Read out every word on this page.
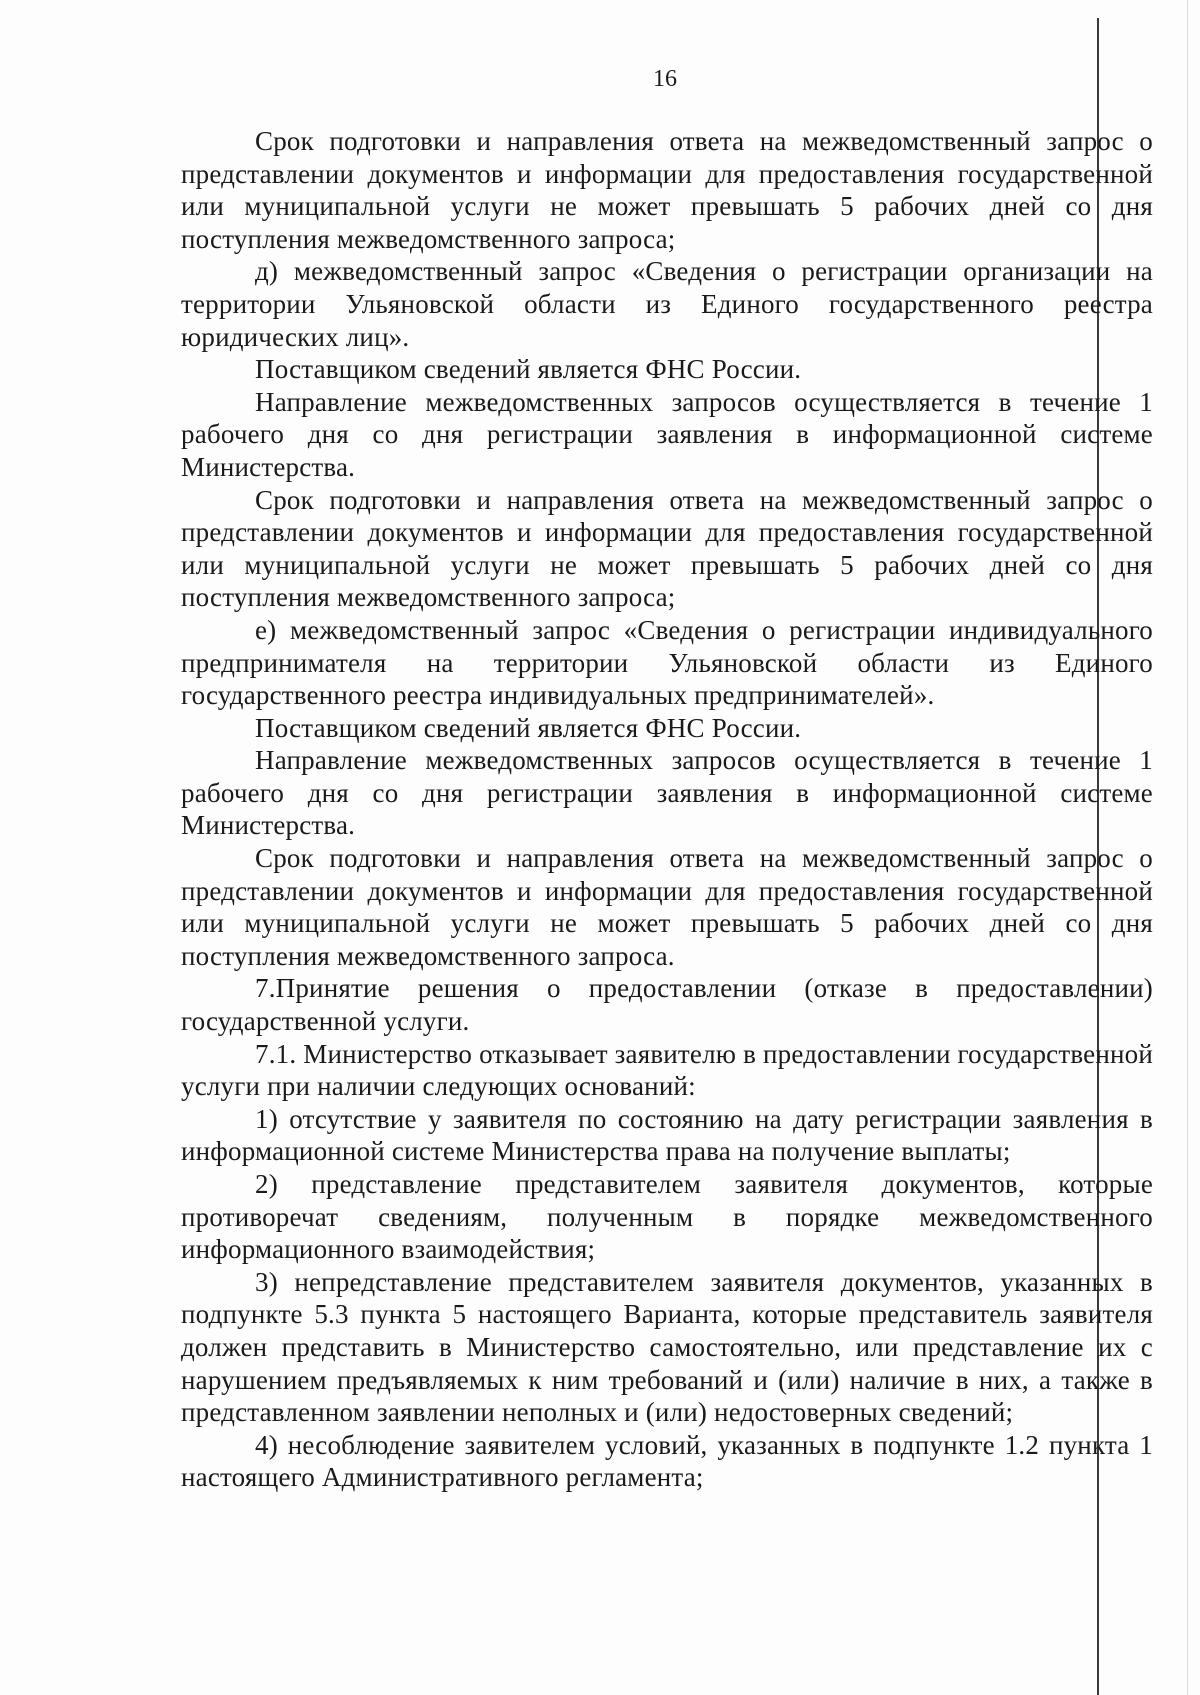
16

Срок подготовки и направления ответа на межведомственный запрос о представлении документов и информации для предоставления государственной или муниципальной услуги не может превышать 5 рабочих дней со дня поступления межведомственного запроса;

д) межведомственный запрос «Сведения о регистрации организации на территории Ульяновской области из Единого государственного реестра юридических лиц».

Поставщиком сведений является ФНС России.

Направление межведомственных запросов осуществляется в течение 1 рабочего дня со дня регистрации заявления в информационной системе Министерства.

Срок подготовки и направления ответа на межведомственный запрос о представлении документов и информации для предоставления государственной или муниципальной услуги не может превышать 5 рабочих дней со дня поступления межведомственного запроса;

е) межведомственный запрос «Сведения о регистрации индивидуального предпринимателя на территории Ульяновской области из Единого государственного реестра индивидуальных предпринимателей».

Поставщиком сведений является ФНС России.

Направление межведомственных запросов осуществляется в течение 1 рабочего дня со дня регистрации заявления в информационной системе Министерства.

Срок подготовки и направления ответа на межведомственный запрос о представлении документов и информации для предоставления государственной или муниципальной услуги не может превышать 5 рабочих дней со дня поступления межведомственного запроса.

7.Принятие решения о предоставлении (отказе в предоставлении) государственной услуги.

7.1. Министерство отказывает заявителю в предоставлении государственной услуги при наличии следующих оснований:

1) отсутствие у заявителя по состоянию на дату регистрации заявления в информационной системе Министерства права на получение выплаты;

2) представление представителем заявителя документов, которые противоречат сведениям, полученным в порядке межведомственного информационного взаимодействия;

3) непредставление представителем заявителя документов, указанных в подпункте 5.3 пункта 5 настоящего Варианта, которые представитель заявителя должен представить в Министерство самостоятельно, или представление их с нарушением предъявляемых к ним требований и (или) наличие в них, а также в представленном заявлении неполных и (или) недостоверных сведений;

4) несоблюдение заявителем условий, указанных в подпункте 1.2 пункта 1 настоящего Административного регламента;
